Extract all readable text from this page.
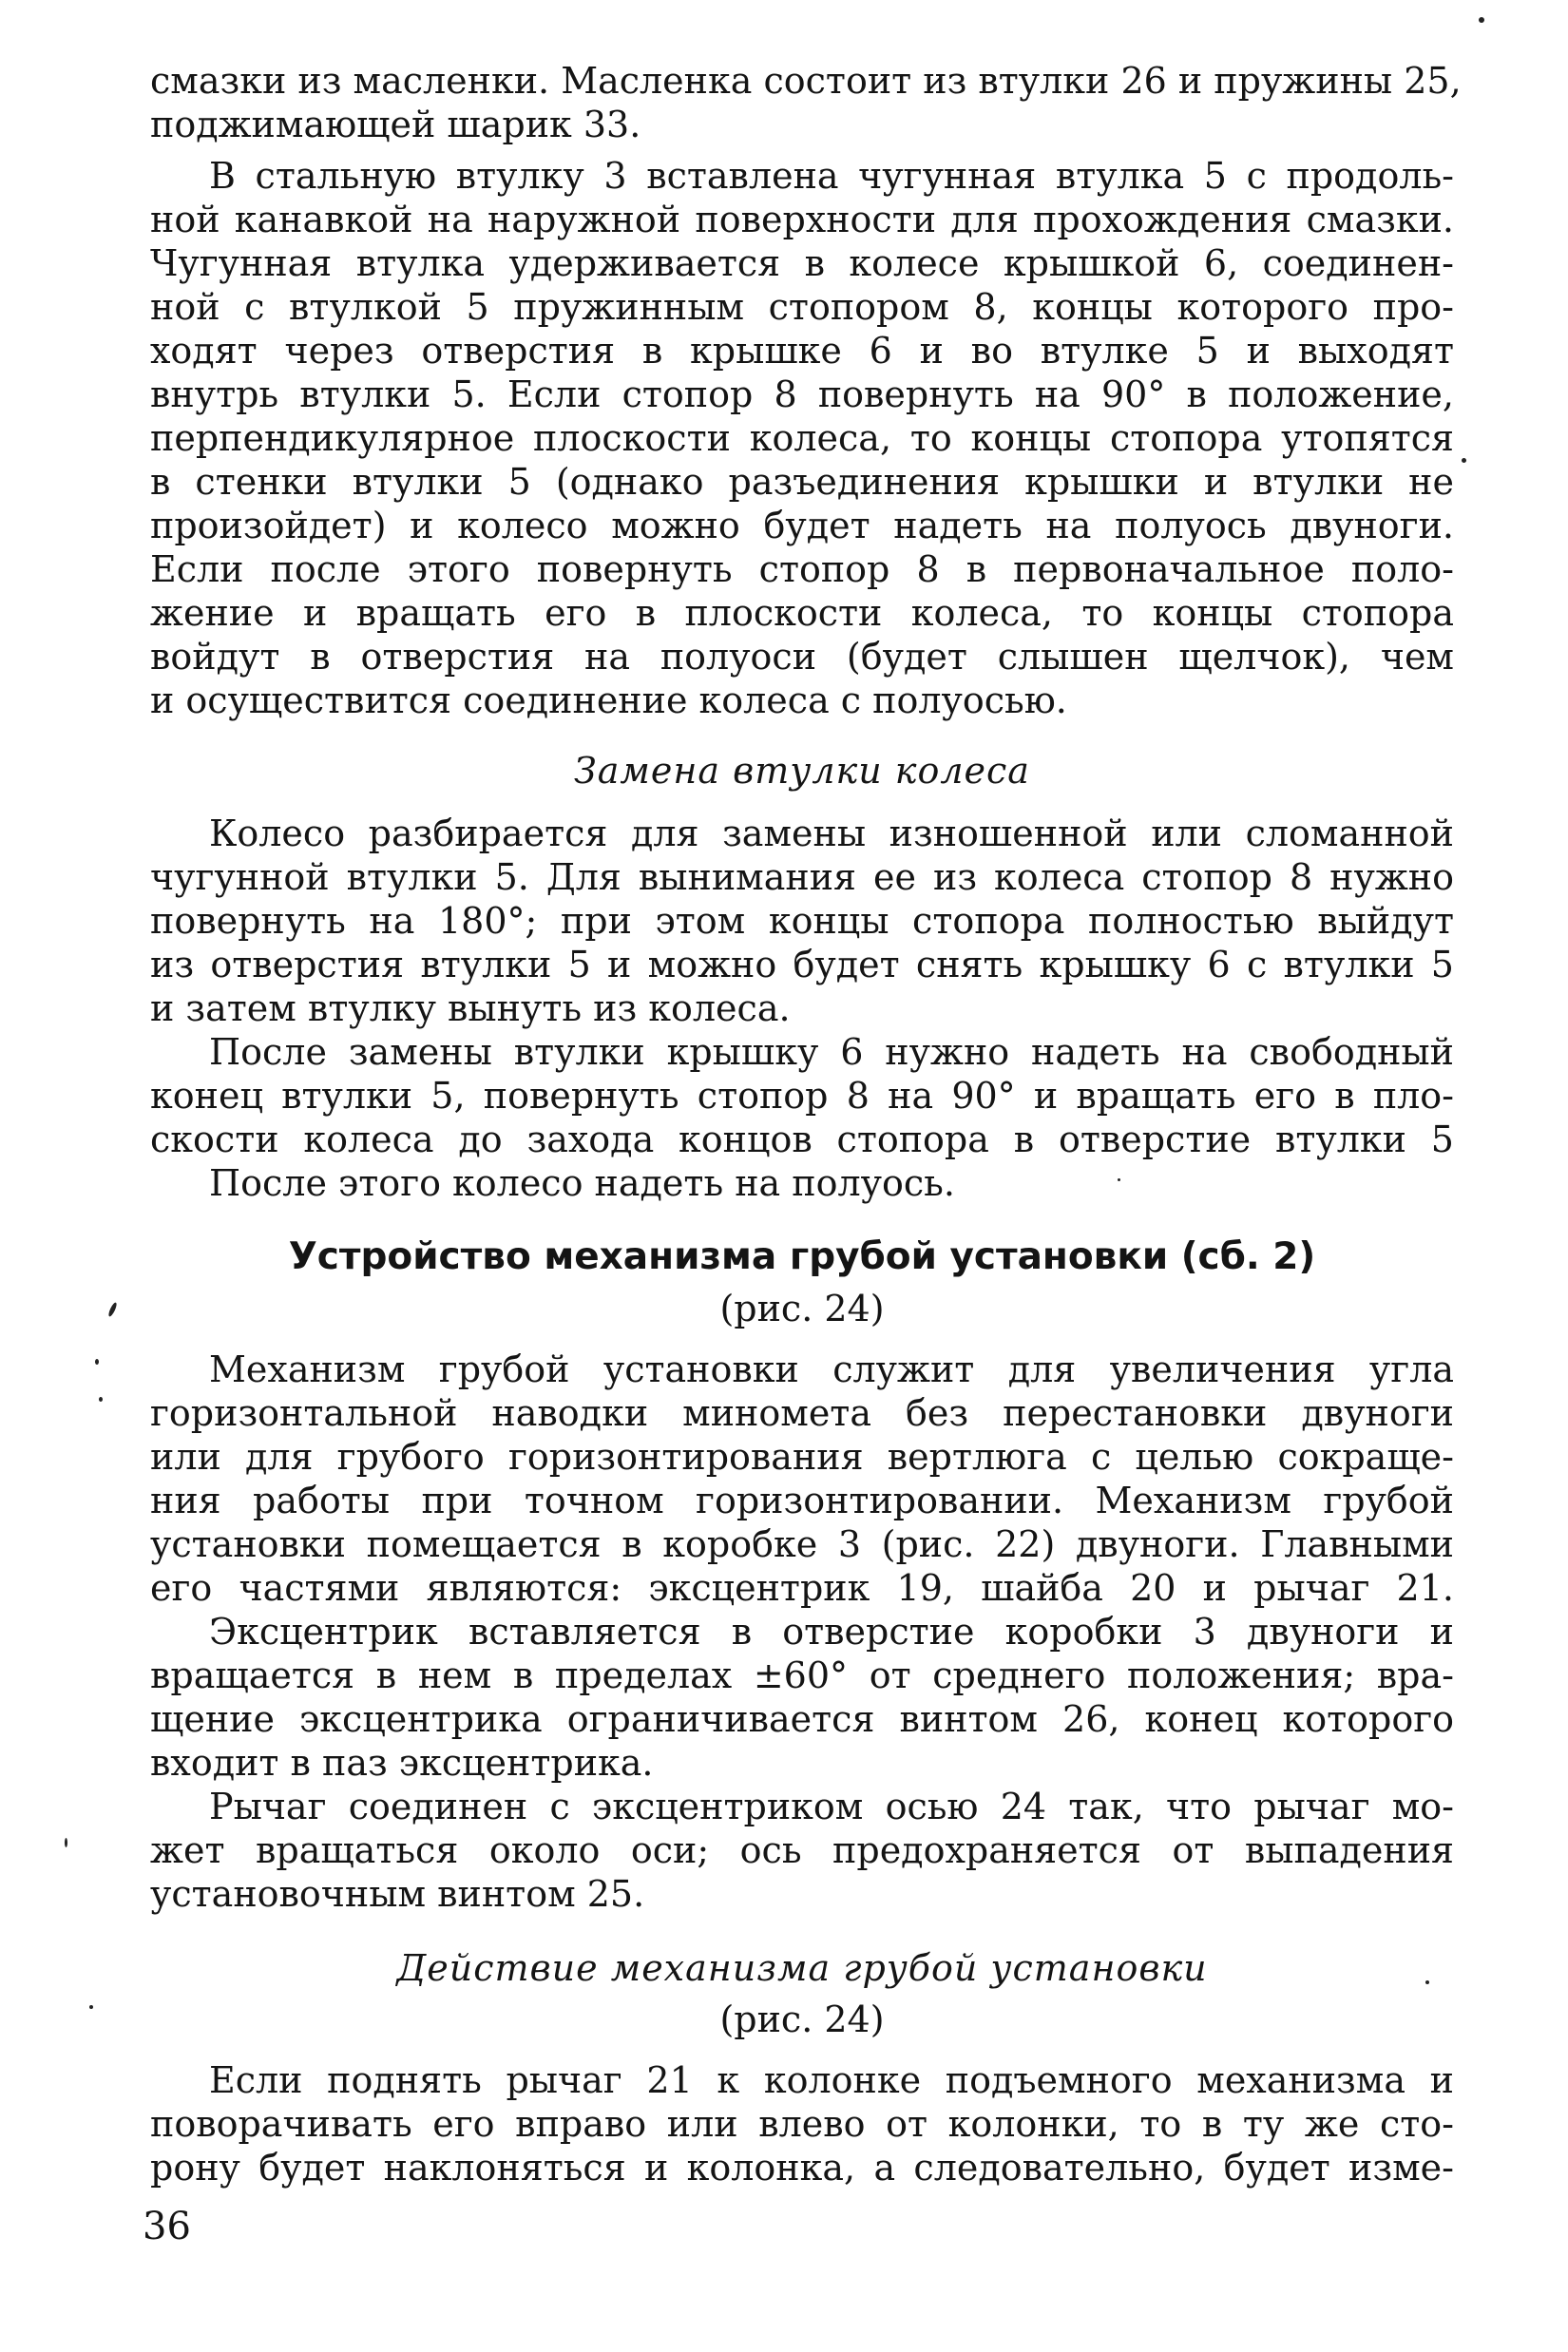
смазки из масленки. Масленка состоит из втулки 26 и пружины 25,
поджимающей шарик 33.
В стальную втулку 3 вставлена чугунная втулка 5 с продоль-
ной канавкой на наружной поверхности для прохождения смазки.
Чугунная втулка удерживается в колесе крышкой 6, соединен-
ной с втулкой 5 пружинным стопором 8, концы которого про-
ходят через отверстия в крышке 6 и во втулке 5 и выходят
внутрь втулки 5. Если стопор 8 повернуть на 90° в положение,
перпендикулярное плоскости колеса, то концы стопора утопятся
в стенки втулки 5 (однако разъединения крышки и втулки не
произойдет) и колесо можно будет надеть на полуось двуноги.
Если после этого повернуть стопор 8 в первоначальное поло-
жение и вращать его в плоскости колеса, то концы стопора
войдут в отверстия на полуоси (будет слышен щелчок), чем
и осуществится соединение колеса с полуосью.
Замена втулки колеса
Колесо разбирается для замены изношенной или сломанной
чугунной втулки 5. Для вынимания ее из колеса стопор 8 нужно
повернуть на 180°; при этом концы стопора полностью выйдут
из отверстия втулки 5 и можно будет снять крышку 6 с втулки 5
и затем втулку вынуть из колеса.
После замены втулки крышку 6 нужно надеть на свободный
конец втулки 5, повернуть стопор 8 на 90° и вращать его в пло-
скости колеса до захода концов стопора в отверстие втулки 5
После этого колесо надеть на полуось.
Устройство механизма грубой установки (сб. 2)
(рис. 24)
Механизм грубой установки служит для увеличения угла
горизонтальной наводки миномета без перестановки двуноги
или для грубого горизонтирования вертлюга с целью сокраще-
ния работы при точном горизонтировании. Механизм грубой
установки помещается в коробке 3 (рис. 22) двуноги. Главными
его частями являются: эксцентрик 19, шайба 20 и рычаг 21.
Эксцентрик вставляется в отверстие коробки 3 двуноги и
вращается в нем в пределах ±60° от среднего положения; вра-
щение эксцентрика ограничивается винтом 26, конец которого
входит в паз эксцентрика.
Рычаг соединен с эксцентриком осью 24 так, что рычаг мо-
жет вращаться около оси; ось предохраняется от выпадения
установочным винтом 25.
Действие механизма грубой установки
(рис. 24)
Если поднять рычаг 21 к колонке подъемного механизма и
поворачивать его вправо или влево от колонки, то в ту же сто-
рону будет наклоняться и колонка, а следовательно, будет изме-
36
